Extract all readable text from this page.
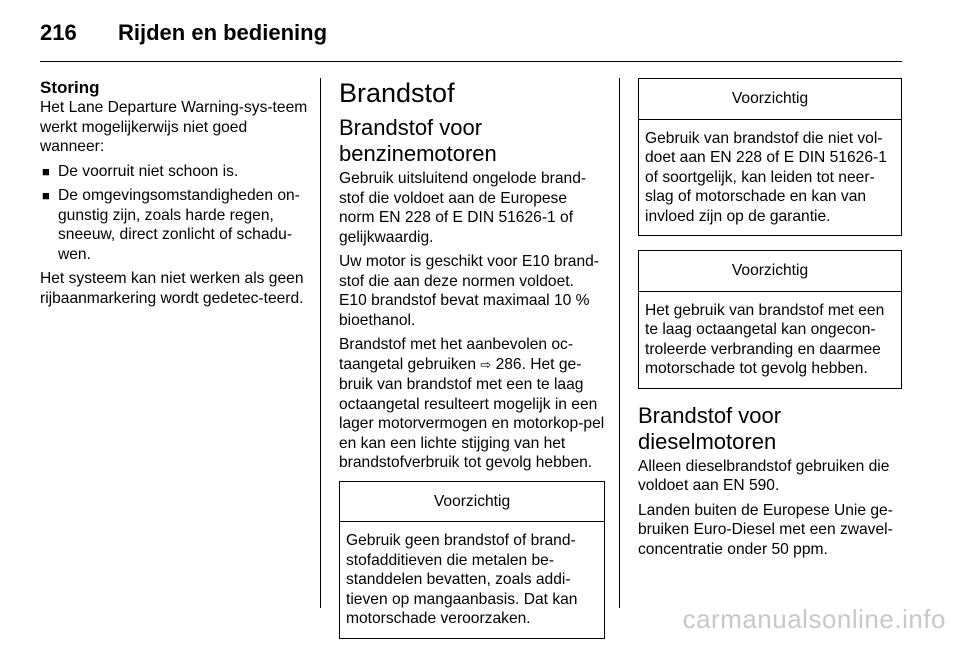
216 Rijden en bediening
Storing

Het Lane Departure Warning-sys-teem werkt mogelijkerwijs niet goed wanneer:

■ De voorruit niet schoon is.
■ De omgevingsomstandigheden on-gunstig zijn, zoals harde regen, sneeuw, direct zonlicht of schadu-wen.

Het systeem kan niet werken als geen rijbaanmarkering wordt gedetec-teerd.

Brandstof
Brandstof voor benzinemotoren

Gebruik uitsluitend ongelode brand-stof die voldoet aan de Europese norm EN 228 of E DIN 51626-1 of gelijkwaardig.

Uw motor is geschikt voor E10 brand-stof die aan deze normen voldoet. E10 brandstof bevat maximaal 10 % bioethanol.

Brandstof met het aanbevolen oc-taangetal gebruiken ⇨ 286. Het ge-bruik van brandstof met een te laag octaangetal resulteert mogelijk in een lager motorvermogen en motorkop-pel en kan een lichte stijging van het brandstofverbruik tot gevolg hebben.

Voorzichtig
Gebruik geen brandstof of brand-stofadditieven die metalen be-standdelen bevatten, zoals addi-tieven op mangaanbasis. Dat kan motorschade veroorzaken.
Voorzichtig
Gebruik van brandstof die niet vol-doet aan EN 228 of E DIN 51626-1 of soortgelijk, kan leiden tot neer-slag of motorschade en kan van invloed zijn op de garantie.
Voorzichtig
Het gebruik van brandstof met een te laag octaangetal kan ongecon-troleerde verbranding en daarmee motorschade tot gevolg hebben.
Brandstof voor dieselmotoren

Alleen dieselbrandstof gebruiken die voldoet aan EN 590.

Landen buiten de Europese Unie ge-bruiken Euro-Diesel met een zwavel-concentratie onder 50 ppm.

carmanualsonline.info
